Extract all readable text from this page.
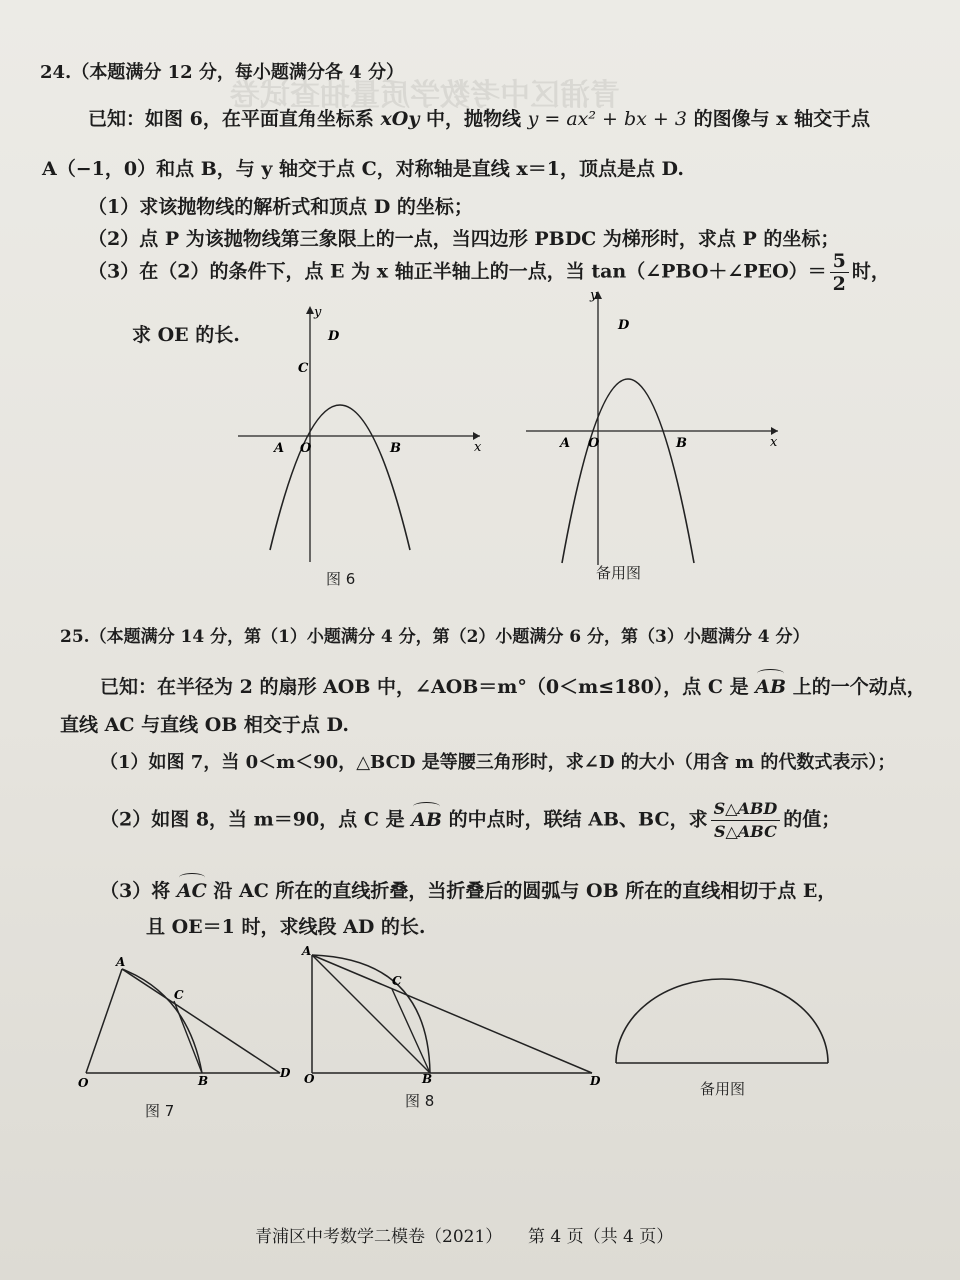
青浦区中考数学质量抽查试卷
24.（本题满分 12 分，每小题满分各 4 分）
已知：如图 6，在平面直角坐标系 xOy 中，抛物线 y = ax² + bx + 3 的图像与 x 轴交于点
A（−1，0）和点 B，与 y 轴交于点 C，对称轴是直线 x＝1，顶点是点 D.
（1）求该抛物线的解析式和顶点 D 的坐标；
（2）点 P 为该抛物线第三象限上的一点，当四边形 PBDC 为梯形时，求点 P 的坐标；
（3）在（2）的条件下，点 E 为 x 轴正半轴上的一点，当 tan（∠PBO＋∠PEO）＝ $\frac{5}{2}$ 时，
求 OE 的长.
y
x
O
A	B
C
D
图 6
y
x
O
A	B
D
备用图
25.（本题满分 14 分，第（1）小题满分 4 分，第（2）小题满分 6 分，第（3）小题满分 4 分）
已知：在半径为 2 的扇形 AOB 中，∠AOB＝m°（0＜m≤180），点 C 是 AB 上的一个动点，
直线 AC 与直线 OB 相交于点 D.
（1）如图 7，当 0＜m＜90，△BCD 是等腰三角形时，求∠D 的大小（用含 m 的代数式表示）；
（2）如图 8，当 m＝90，点 C 是 AB 的中点时，联结 AB、BC，求 $\frac{\text{S△ABD}}{\text{S△ABC}}$ 的值；
（3）将 AC 沿 AC 所在的直线折叠，当折叠后的圆弧与 OB 所在的直线相切于点 E，
且 OE＝1 时，求线段 AD 的长.
A
C
O	B
D
图 7
A
C
O	B	D
图 8
备用图
青浦区中考数学二模卷（2021） 第 4 页（共 4 页）
